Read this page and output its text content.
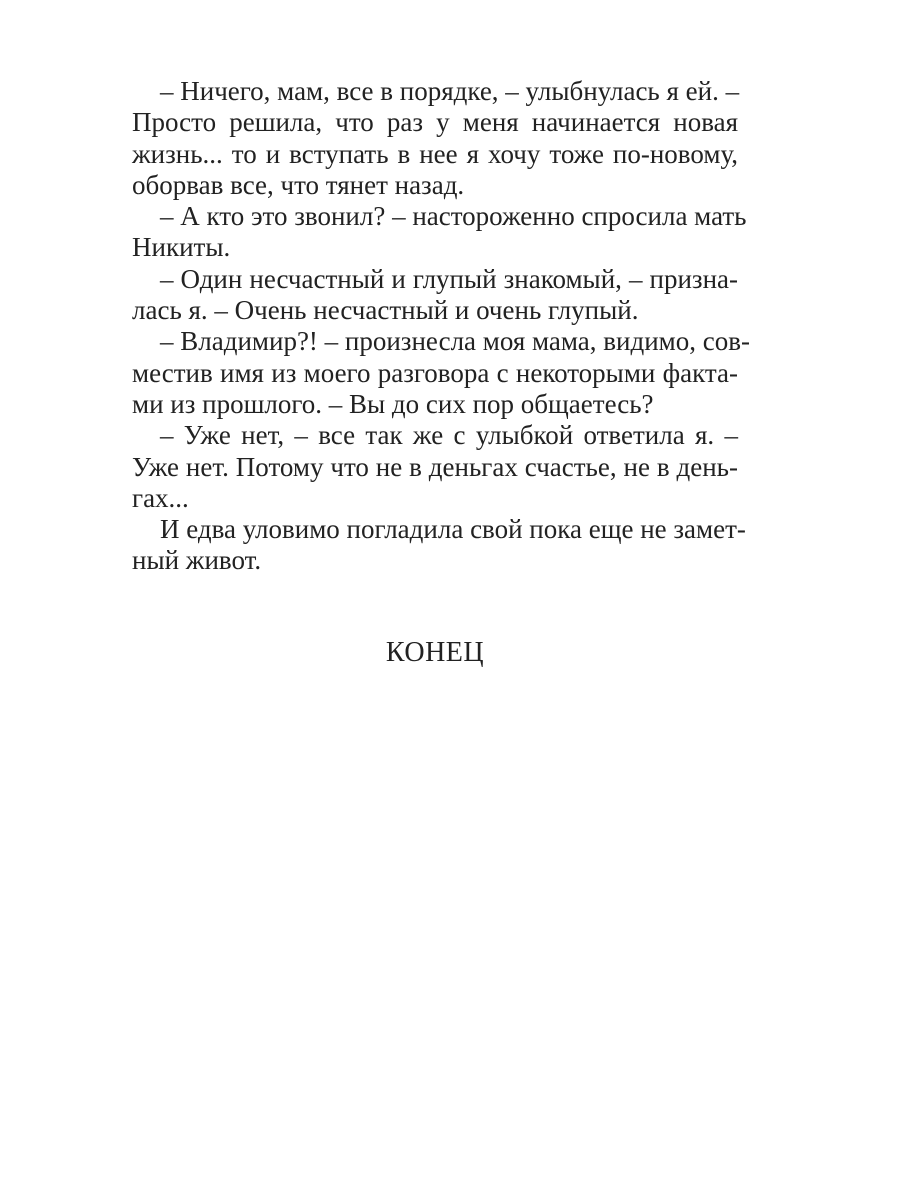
– Ничего, мам, все в порядке, – улыбнулась я ей. –
Просто решила, что раз у меня начинается новая
жизнь... то и вступать в нее я хочу тоже по-новому,
оборвав все, что тянет назад.
– А кто это звонил? – настороженно спросила мать
Никиты.
– Один несчастный и глупый знакомый, – призна-
лась я. – Очень несчастный и очень глупый.
– Владимир?! – произнесла моя мама, видимо, сов-
местив имя из моего разговора с некоторыми факта-
ми из прошлого. – Вы до сих пор общаетесь?
– Уже нет, – все так же с улыбкой ответила я. –
Уже нет. Потому что не в деньгах счастье, не в день-
гах...
И едва уловимо погладила свой пока еще не замет-
ный живот.
КОНЕЦ
